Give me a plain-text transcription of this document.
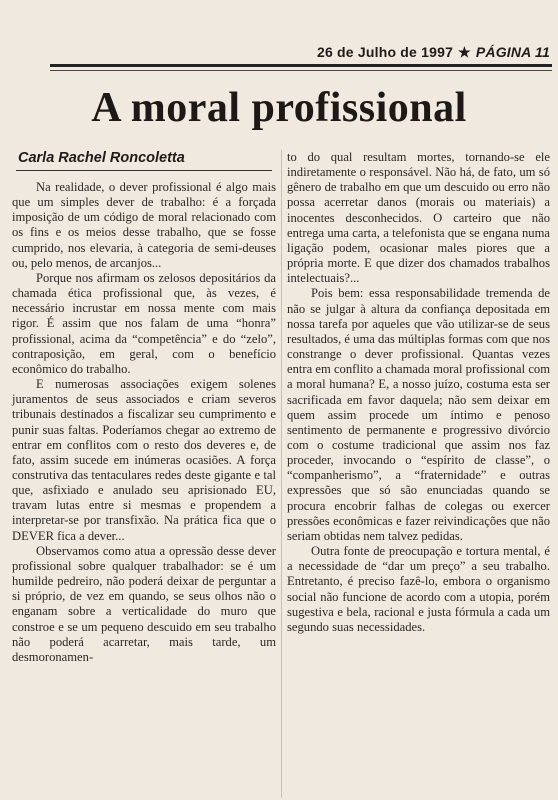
26 de Julho de 1997 ★ PÁGINA 11
A moral profissional
Carla Rachel Roncoletta

Na realidade, o dever profissional é algo mais que um simples dever de trabalho: é a forçada imposição de um código de moral relacionado com os fins e os meios desse trabalho, que se fosse cumprido, nos elevaria, à categoria de semi-deuses ou, pelo menos, de arcanjos...

Porque nos afirmam os zelosos depositários da chamada ética profissional que, às vezes, é necessário incrustar em nossa mente com mais rigor. É assim que nos falam de uma “honra” profissional, acima da “competência” e do “zelo”, contraposição, em geral, com o benefício econômico do trabalho.

E numerosas associações exigem solenes juramentos de seus associados e criam severos tribunais destinados a fiscalizar seu cumprimento e punir suas faltas. Poderíamos chegar ao extremo de entrar em conflitos com o resto dos deveres e, de fato, assim sucede em inúmeras ocasiões. A força construtiva das tentaculares redes deste gigante e tal que, asfixiado e anulado seu aprisionado EU, travam lutas entre si mesmas e propendem a interpretar-se por transfixão. Na prática fica que o DEVER fica a dever...

Observamos como atua a opressão desse dever profissional sobre qualquer trabalhador: se é um humilde pedreiro, não poderá deixar de perguntar a si próprio, de vez em quando, se seus olhos não o enganam sobre a verticalidade do muro que constroe e se um pequeno descuido em seu trabalho não poderá acarretar, mais tarde, um desmoronamen-

to do qual resultam mortes, tornando-se ele indiretamente o responsável. Não há, de fato, um só gênero de trabalho em que um descuido ou erro não possa acerretar danos (morais ou materiais) a inocentes desconhecidos. O carteiro que não entrega uma carta, a telefonista que se engana numa ligação podem, ocasionar males piores que a própria morte. E que dizer dos chamados trabalhos intelectuais?...

Pois bem: essa responsabilidade tremenda de não se julgar à altura da confiança depositada em nossa tarefa por aqueles que vão utilizar-se de seus resultados, é uma das múltiplas formas com que nos constrange o dever profissional. Quantas vezes entra em conflito a chamada moral profissional com a moral humana? E, a nosso juízo, costuma esta ser sacrificada em favor daquela; não sem deixar em quem assim procede um íntimo e penoso sentimento de permanente e progressivo divórcio com o costume tradicional que assim nos faz proceder, invocando o “espírito de classe”, o “companherismo”, a “fraternidade” e outras expressões que só são enunciadas quando se procura encobrir falhas de colegas ou exercer pressões econômicas e fazer reivindicações que não seriam obtidas nem talvez pedidas.

Outra fonte de preocupação e tortura mental, é a necessidade de “dar um preço” a seu trabalho. Entretanto, é preciso fazê-lo, embora o organismo social não funcione de acordo com a utopia, porém sugestiva e bela, racional e justa fórmula a cada um segundo suas necessidades.
